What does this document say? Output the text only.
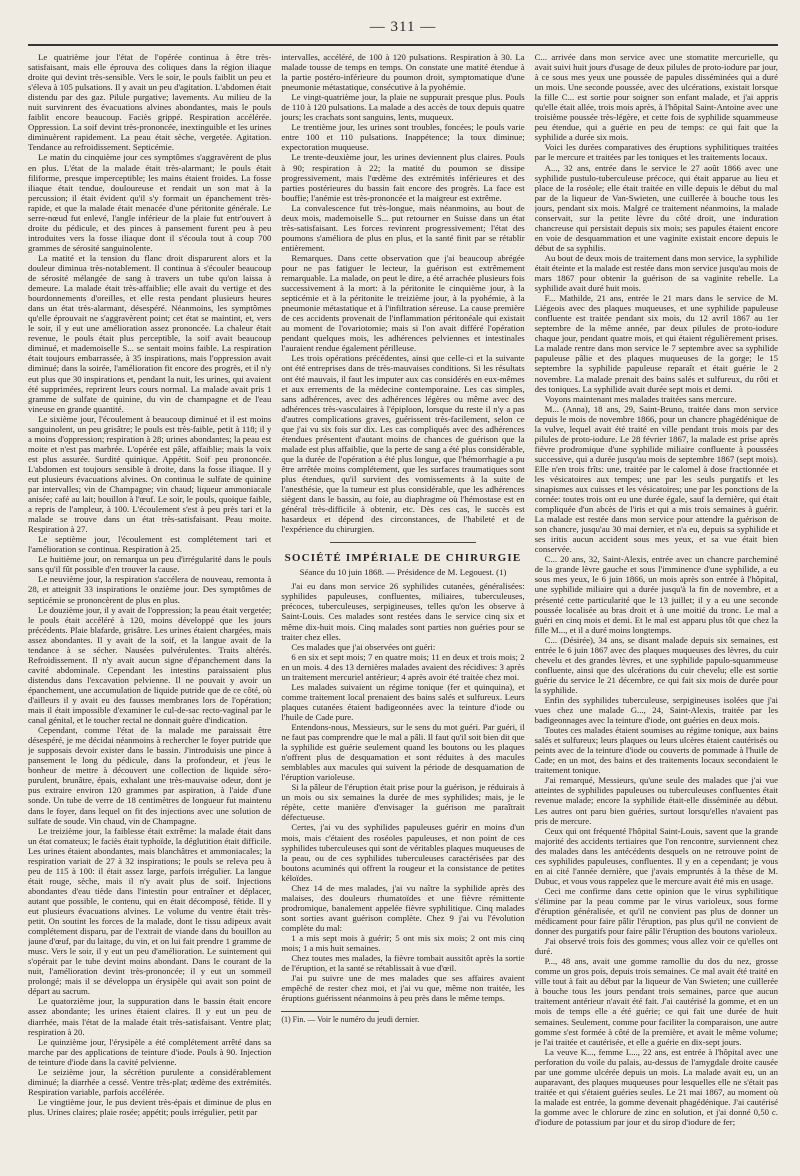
— 311 —

Le quatrième jour l'état de l'opérée continua à être très-satisfaisant, mais elle éprouva des coliques dans la région iliaque droite qui devint très-sensible. Vers le soir, le pouls faiblit un peu et s'éleva à 105 pulsations. Il y avait un peu d'agitation. L'abdomen était distendu par des gaz. Pilule purgative; lavements. Au milieu de la nuit survinrent des évacuations alvines abondantes, mais le pouls faiblit encore beaucoup. Faciès grippé. Respiration accélérée. Oppression. La soif devint très-prononcée, inextinguible et les urines diminuèrent rapidement. La peau était sèche, vergetée. Agitation. Tendance au refroidissement. Septicémie.

Le matin du cinquième jour ces symptômes s'aggravèrent de plus en plus. L'état de la malade était très-alarmant; le pouls était filiforme, presque imperceptible; les mains étaient froides. La fosse iliaque était tendue, douloureuse et rendait un son mat à la percussion; il était évident qu'il s'y formait un épanchement très-rapide, et que la malade était menacée d'une péritonite générale. Le serre-nœud fut enlevé, l'angle inférieur de la plaie fut entr'ouvert à droite du pédicule, et des pinces à pansement furent peu à peu introduites vers la fosse iliaque dont il s'écoula tout à coup 700 grammes de sérosité sanguinolente.

La matité et la tension du flanc droit disparurent alors et la douleur diminua très-notablement. Il continua à s'écouler beaucoup de sérosité mélangée de sang à travers un tube qu'on laissa à demeure. La malade était très-affaiblie; elle avait du vertige et des bourdonnements d'oreilles, et elle resta pendant plusieurs heures dans un état très-alarmant, désespéré. Néanmoins, les symptômes qu'elle éprouvait ne s'aggravèrent point; cet état se maintint, et, vers le soir, il y eut une amélioration assez prononcée. La chaleur était revenue, le pouls était plus perceptible, la soif avait beaucoup diminué, et mademoiselle S... se sentait moins faible. La respiration était toujours embarrassée, à 35 inspirations, mais l'oppression avait diminué; dans la soirée, l'amélioration fit encore des progrès, et il n'y eut plus que 30 inspirations et, pendant la nuit, les urines, qui avaient été supprimées, reprirent leurs cours normal. La malade avait pris 1 gramme de sulfate de quinine, du vin de champagne et de l'eau vineuse en grande quantité.

Le sixième jour, l'écoulement à beaucoup diminué et il est moins sanguinolent, un peu grisâtre; le pouls est très-faible, petit à 118; il y a moins d'oppression; respiration à 28; urines abondantes; la peau est moite et n'est pas marbrée. L'opérée est pâle, affaiblie; mais la voix est plus assurée. Surdité quinique. Appétit. Soif peu prononcée. L'abdomen est toujours sensible à droite, dans la fosse iliaque. Il y eut plusieurs évacuations alvines. On continua le sulfate de quinine par intervalles; vin de Champagne; vin chaud; liqueur ammoniacale anisée; café au lait; bouillon à l'œuf. Le soir, le pouls, quoique faible, a repris de l'ampleur, à 100. L'écoulement s'est à peu près tari et la malade se trouve dans un état très-satisfaisant. Peau moite. Respiration à 27.

Le septième jour, l'écoulement est complétement tari et l'amélioration se continua. Respiration à 25.

Le huitième jour, on remarqua un peu d'irrégularité dans le pouls sans qu'il fût possible d'en trouver la cause.

Le neuvième jour, la respiration s'accélera de nouveau, remonta à 28, et atteignit 33 inspirations le onzième jour. Des symptômes de septicémie se prononcèrent de plus en plus.

Le douzième jour, il y avait de l'oppression; la peau était vergetée; le pouls était accéléré à 120, moins développé que les jours précédents. Plaie blafarde, grisâtre. Les urines étaient chargées, mais assez abondantes. Il y avait de la soif, et la langue avait de la tendance à se sécher. Nausées pulvérulentes. Traits altérés. Refroidissement. Il n'y avait aucun signe d'épanchement dans la cavité abdominale. Cependant les intestins paraissaient plus distendus dans l'excavation pelvienne. Il ne pouvait y avoir un épanchement, une accumulation de liquide putride que de ce côté, où d'ailleurs il y avait eu des fausses membranes lors de l'opération; mais il était impossible d'examiner le cul-de-sac recto-vaginal par le canal génital, et le toucher rectal ne donnait guère d'indication.

Cependant, comme l'état de la malade me paraissait être désespéré, je me décidai néanmoins à rechercher le foyer putride que je supposais devoir exister dans le bassin. J'introduisis une pince à pansement le long du pédicule, dans la profondeur, et j'eus le bonheur de mettre à découvert une collection de liquide séro-purulent, brunâtre, épais, exhalant une très-mauvaise odeur, dont je pus extraire environ 120 grammes par aspiration, à l'aide d'une sonde. Un tube de verre de 18 centimètres de longueur fut maintenu dans le foyer, dans lequel on fit des injections avec une solution de sulfate de soude. Vin chaud, vin de Champagne.

Le treizième jour, la faiblesse était extrême: la malade était dans un état comateux; le faciès était typhoïde, la déglutition était difficile. Les urines étaient abondantes, mais blanchâtres et ammoniacales; la respiration variait de 27 à 32 inspirations; le pouls se releva peu à peu de 115 à 100: il était assez large, parfois irrégulier. La langue était rouge, sèche, mais il n'y avait plus de soif. Injections abondantes d'eau tiède dans l'intestin pour entraîner et déplacer, autant que possible, le contenu, qui en était décomposé, fétide. Il y eut plusieurs évacuations alvines. Le volume du ventre était très-petit. On soutint les forces de la malade, dont le tissu adipeux avait complétement disparu, par de l'extrait de viande dans du bouillon au jaune d'œuf, par du laitage, du vin, et on lui fait prendre 1 gramme de musc. Vers le soir, il y eut un peu d'amélioration. Le suintement qui s'opérait par le tube devint moins abondant. Dans le courant de la nuit, l'amélioration devint très-prononcée; il y eut un sommeil prolongé; mais il se développa un érysipèle qui avait son point de départ au sacrum.

Le quatorzième jour, la suppuration dans le bassin était encore assez abondante; les urines étaient claires. Il y eut un peu de diarrhée, mais l'état de la malade était très-satisfaisant. Ventre plat; respiration à 20.

Le quinzième jour, l'érysipèle a été complétement arrêté dans sa marche par des applications de teinture d'iode. Pouls à 90. Injection de teinture d'iode dans la cavité pelvienne.

Le seizième jour, la sécrétion purulente a considérablement diminué; la diarrhée a cessé. Ventre très-plat; œdème des extrémités. Respiration variable, parfois accélérée.

Le vingtième jour, le pus devient très-épais et diminue de plus en plus. Urines claires; plaie rosée; appétit; pouls irrégulier, petit par

intervalles, accéléré, de 100 à 120 pulsations. Respiration à 30. La malade tousse de temps en temps. On constate une matité étendue à la partie postéro-inférieure du poumon droit, symptomatique d'une pneumonie métastatique, consécutive à la pyohémie.

Le vingt-quatrième jour, la plaie ne suppurait presque plus. Pouls de 110 à 120 pulsations. La malade a des accès de toux depuis quatre jours; les crachats sont sanguins, lents, muqueux.

Le trentième jour, les urines sont troubles, foncées; le pouls varie entre 100 et 110 pulsations. Inappétence; la toux diminue; expectoration muqueuse.

Le trente-deuxième jour, les urines deviennent plus claires. Pouls à 90; respiration à 22; la matité du poumon se dissipe progressivement, mais l'œdème des extrémités inférieures et des parties postérieures du bassin fait encore des progrès. La face est bouffie; l'anémie est très-prononcée et la maigreur est extrême.

La convalescence fut très-longue, mais néanmoins, au bout de deux mois, mademoiselle S... put retourner en Suisse dans un état très-satisfaisant. Les forces revinrent progressivement; l'état des poumons s'améliora de plus en plus, et la santé finit par se rétablir entièrement.

Remarques. Dans cette observation que j'ai beaucoup abrégée pour ne pas fatiguer le lecteur, la guérison est extrêmement remarquable. La malade, on peut le dire, a été arrachée plusieurs fois successivement à la mort: à la péritonite le cinquième jour, à la septicémie et à la péritonite le treizième jour, à la pyohémie, à la pneumonie métastatique et à l'infiltration séreuse. La cause première de ces accidents provenait de l'inflammation péritonéale qui existait au moment de l'ovariotomie; mais si l'on avait différé l'opération pendant quelques mois, les adhérences pelviennes et intestinales l'auraient rendue également périlleuse.

Les trois opérations précédentes, ainsi que celle-ci et la suivante ont été entreprises dans de très-mauvaises conditions. Si les résultats ont été mauvais, il faut les imputer aux cas considérés en eux-mêmes et aux errements de la médecine contemporaine. Les cas simples, sans adhérences, avec des adhérences légères ou même avec des adhérences très-vasculaires à l'épiploon, lorsque du reste il n'y a pas d'autres complications graves, guérissent très-facilement, selon ce que j'ai vu six fois sur dix. Les cas compliqués avec des adhérences étendues présentent d'autant moins de chances de guérison que la malade est plus affaiblie, que la perte de sang a été plus considérable, que la durée de l'opération a été plus longue, que l'hémorrhagie a pu être arrêtée moins complétement, que les surfaces traumatiques sont plus étendues, qu'il survient des vomissements à la suite de l'anesthésie, que la tumeur est plus considérable, que les adhérences siègent dans le bassin, au foie, au diaphragme où l'hémostase est en général très-difficile à obtenir, etc. Dès ces cas, le succès est hasardeux et dépend des circonstances, de l'habileté et de l'expérience du chirurgien.

SOCIÉTÉ IMPÉRIALE DE CHIRURGIE

Séance du 10 juin 1868. — Présidence de M. Legouest. (1)

J'ai eu dans mon service 26 syphilides cutanées, généralisées: syphilides papuleuses, confluentes, miliaires, tuberculeuses, précoces, tuberculeuses, serpigineuses, telles qu'on les observe à Saint-Louis. Ces malades sont restées dans le service cinq six et même dix-huit mois. Cinq malades sont parties non guéries pour se traiter chez elles.

Ces malades que j'ai observées ont guéri:

6 en six et sept mois; 7 en quatre mois; 11 en deux et trois mois; 2 en un mois. 4 des 13 dernières malades avaient des récidives: 3 après un traitement mercuriel antérieur; 4 après avoir été traitée chez moi.

Les malades suivaient un régime tonique (fer et quinquina), et comme traitement local prenaient des bains salés et sulfureux. Leurs plaques cutanées étaient badigeonnées avec la teinture d'iode ou l'huile de Cade pure.

Entendons-nous, Messieurs, sur le sens du mot guéri. Par guéri, il ne faut pas comprendre que le mal a pâli. Il faut qu'il soit bien dit que la syphilide est guérie seulement quand les boutons ou les plaques n'offrent plus de desquamation et sont réduites à des macules semblables aux macules qui suivent la période de desquamation de l'éruption varioleuse.

Si la pâleur de l'éruption était prise pour la guérison, je réduirais à un mois ou six semaines la durée de mes syphilides; mais, je le répète, cette manière d'envisager la guérison me paraîtrait défectueuse.

Certes, j'ai vu des syphilides papuleuses guérir en moins d'un mois, mais c'étaient des roséoles papuleuses, et non point de ces syphilides tuberculeuses qui sont de véritables plaques muqueuses de la peau, ou de ces syphilides tuberculeuses caractérisées par des boutons acuminés qui offrent la rougeur et la consistance de petites kéloïdes.

Chez 14 de mes malades, j'ai vu naître la syphilide après des malaises, des douleurs rhumatoïdes et une fièvre rémittente prodromique, banalement appelée fièvre syphilitique. Cinq malades sont sorties avant guérison complète. Chez 9 j'ai vu l'évolution complète du mal:

1 a mis sept mois à guérir; 5 ont mis six mois; 2 ont mis cinq mois; 1 a mis huit semaines.

Chez toutes mes malades, la fièvre tombait aussitôt après la sortie de l'éruption, et la santé se rétablissait à vue d'œil.

J'ai pu suivre une de mes malades que ses affaires avaient empêché de rester chez moi, et j'ai vu que, même non traitée, les éruptions guérissent néanmoins à peu près dans le même temps.

(1) Fin. — Voir le numéro du jeudi dernier.

C... arrivée dans mon service avec une stomatite mercurielle, qu avait suivi huit jours d'usage de deux pilules de proto-iodure par jour, à ce sous mes yeux une poussée de papules disséminées qui a duré un mois. Une seconde poussée, avec des ulcérations, existait lorsque la fille C... est sortie pour soigner son enfant malade, et j'ai appris qu'elle était allée, trois mois après, à l'hôpital Saint-Antoine avec une troisième poussée très-légère, et cette fois de syphilide squammeuse peu étendue, qui a guérie en peu de temps: ce qui fait que la syphilide a durée six mois.

Voici les durées comparatives des éruptions syphilitiques traitées par le mercure et traitées par les toniques et les traitements locaux.

A..., 32 ans, entrée dans le service le 27 août 1866 avec une syphilide pustulo-tuberculeuse précoce, qui était apparue au lieu et place de la roséole; elle était traitée en ville depuis le début du mal par de la liqueur de Van-Swieten, une cuillerée à bouche tous les jours, pendant six mois. Malgré ce traitement néanmoins, la malade conservait, sur la petite lèvre du côté droit, une induration chancreuse qui persistait depuis six mois; ses papules étaient encore en voie de desquammation et une vaginite existait encore depuis le début de sa syphilis.

Au bout de deux mois de traitement dans mon service, la syphilide était éteinte et la malade est restée dans mon service jusqu'au mois de mars 1867 pour obtenir la guérison de sa vaginite rebelle. La syphilide avait duré huit mois.

F... Mathilde, 21 ans, entrée le 21 mars dans le service de M. Liégeois avec des plaques muqueuses, et une syphilide papuleuse confluente est traitée pendant six mois, du 12 avril 1867 au 1er septembre de la même année, par deux pilules de proto-iodure chaque jour, pendant quatre mois, et qui étaient régulièrement prises. La malade rentre dans mon service le 7 septembre avec sa syphilide papuleuse pâlie et des plaques muqueuses de la gorge; le 15 septembre la syphilide papuleuse reparaît et était guérie le 2 novembre. La malade prenait des bains salés et sulfureux, du rôti et des toniques. La syphilide avait durée sept mois et demi.

Voyons maintenant mes malades traitées sans mercure.

M... (Anna), 18 ans, 29, Saint-Bruno, traitée dans mon service depuis le mois de novembre 1866, pour un chancre phagédénique de la vulve, lequel avait été traité en ville pendant trois mois par des pilules de proto-iodure. Le 28 février 1867, la malade est prise après fièvre prodromique d'une syphilide miliaire confluente à poussées successive, qui a durée jusqu'au mois de septembre 1867 (sept mois). Elle n'en trois frîts: une, traitée par le calomel à dose fractionnée et les vésicatoires aux tempes; une par les seuls purgatifs et les sinapismes aux cuisses et les vésicatoires; une par les ponctions de la cornée: toutes trois ont eu une durée égale, sauf la dernière, qui était compliquée d'un abcès de l'iris et qui a mis trois semaines à guérir. La malade est restée dans mon service pour attendre la guérison de son chancre, jusqu'au 30 mai dernier, et n'a eu, depuis sa syphilide et ses iritis aucun accident sous mes yeux, et sa vue était bien conservée.

C... 20 ans, 32, Saint-Alexis, entrée avec un chancre parcheminé de la grande lèvre gauche et sous l'imminence d'une syphilide, a eu sous mes yeux, le 6 juin 1866, un mois après son entrée à l'hôpital, une syphilide miliaire qui a durée jusqu'à la fin de novembre, et a présenté cette particularité que le 13 juillet; il y a eu une seconde poussée localisée au bras droit et à une moitié du tronc. Le mal a guéri en cinq mois et demi. Et le mal est apparu plus tôt que chez la fille M..., et il a duré moins longtemps.

C... (Désirée), 34 ans, se disant malade depuis six semaines, est entrée le 6 juin 1867 avec des plaques muqueuses des lèvres, du cuir chevelu et des grandes lèvres, et une syphilide papulo-squammeuse confluente, ainsi que des ulcérations du cuir chevelu; elle est sortie guérie du service le 21 décembre, ce qui fait six mois de durée pour la syphilide.

Enfin des syphilides tuberculeuse, serpigineuses isolées que j'ai vues chez une malade G..., 24, Saint-Alexis, traitée par les badigeonnages avec la teinture d'iode, ont guéries en deux mois.

Toutes ces malades étaient soumises au régime tonique, aux bains salés et sulfureux; leurs plaques ou leurs ulcères étaient cautérisés ou peints avec de la teinture d'iode ou couverts de pommade à l'huile de Cade; en un mot, des bains et des traitements locaux secondaient le traitement tonique.

J'ai remarqué, Messieurs, qu'une seule des malades que j'ai vue atteintes de syphilides papuleuses ou tuberculeuses confluentes était revenue malade; encore la syphilide était-elle disséminée au début. Les autres ont paru bien guéries, surtout lorsqu'elles n'avaient pas pris de mercure.

Ceux qui ont fréquenté l'hôpital Saint-Louis, savent que la grande majorité des accidents tertiaires que l'on rencontre, surviennent chez des malades dans les antécédents desquels on ne retrouve point de ces syphilides papuleuses, confluentes. Il y en a cependant; je vous en ai cité l'année dernière, que j'avais empruntés à la thèse de M. Dubuc, et vous vous rappelez que le mercure avait été mis en usage.

Ceci me confirme dans cette opinion que le virus syphilitique s'élimine par la peau comme par le virus varioleux, sous forme d'éruption généralisée, et qu'il ne convient pas plus de donner un médicament pour faire pâlir l'éruption, pas plus qu'il ne convient de donner des purgatifs pour faire pâlir l'éruption des boutons varioleux.

J'ai observé trois fois des gommes; vous allez voir ce qu'elles ont duré.

P..., 48 ans, avait une gomme ramollie du dos du nez, grosse comme un gros pois, depuis trois semaines. Ce mal avait été traité en ville tout à fait au début par la liqueur de Van Swieten; une cuillerée à bouche tous les jours pendant trois semaines, parce que aucun traitement antérieur n'avait été fait. J'ai cautérisé la gomme, et en un mois de temps elle a été guérie; ce qui fait une durée de huit semaines. Seulement, comme pour faciliter la comparaison, une autre gomme s'est formée à côté de la première, et avait le même volume; je l'ai traitée et cautérisée, et elle a guérie en dix-sept jours.

La veuve K..., femme L..., 22 ans, est entrée à l'hôpital avec une perforation du voile du palais, au-dessus de l'amygdale droite causée par une gomme ulcérée depuis un mois. La malade avait eu, un an auparavant, des plaques muqueuses pour lesquelles elle ne s'était pas traitée et qui s'étaient guéries seules. Le 21 mai 1867, au moment où la malade est entrée, la gomme devenait phagédénique. J'ai cautérisé la gomme avec le chlorure de zinc en solution, et j'ai donné 0,50 c. d'iodure de potassium par jour et du sirop d'iodure de fer;
